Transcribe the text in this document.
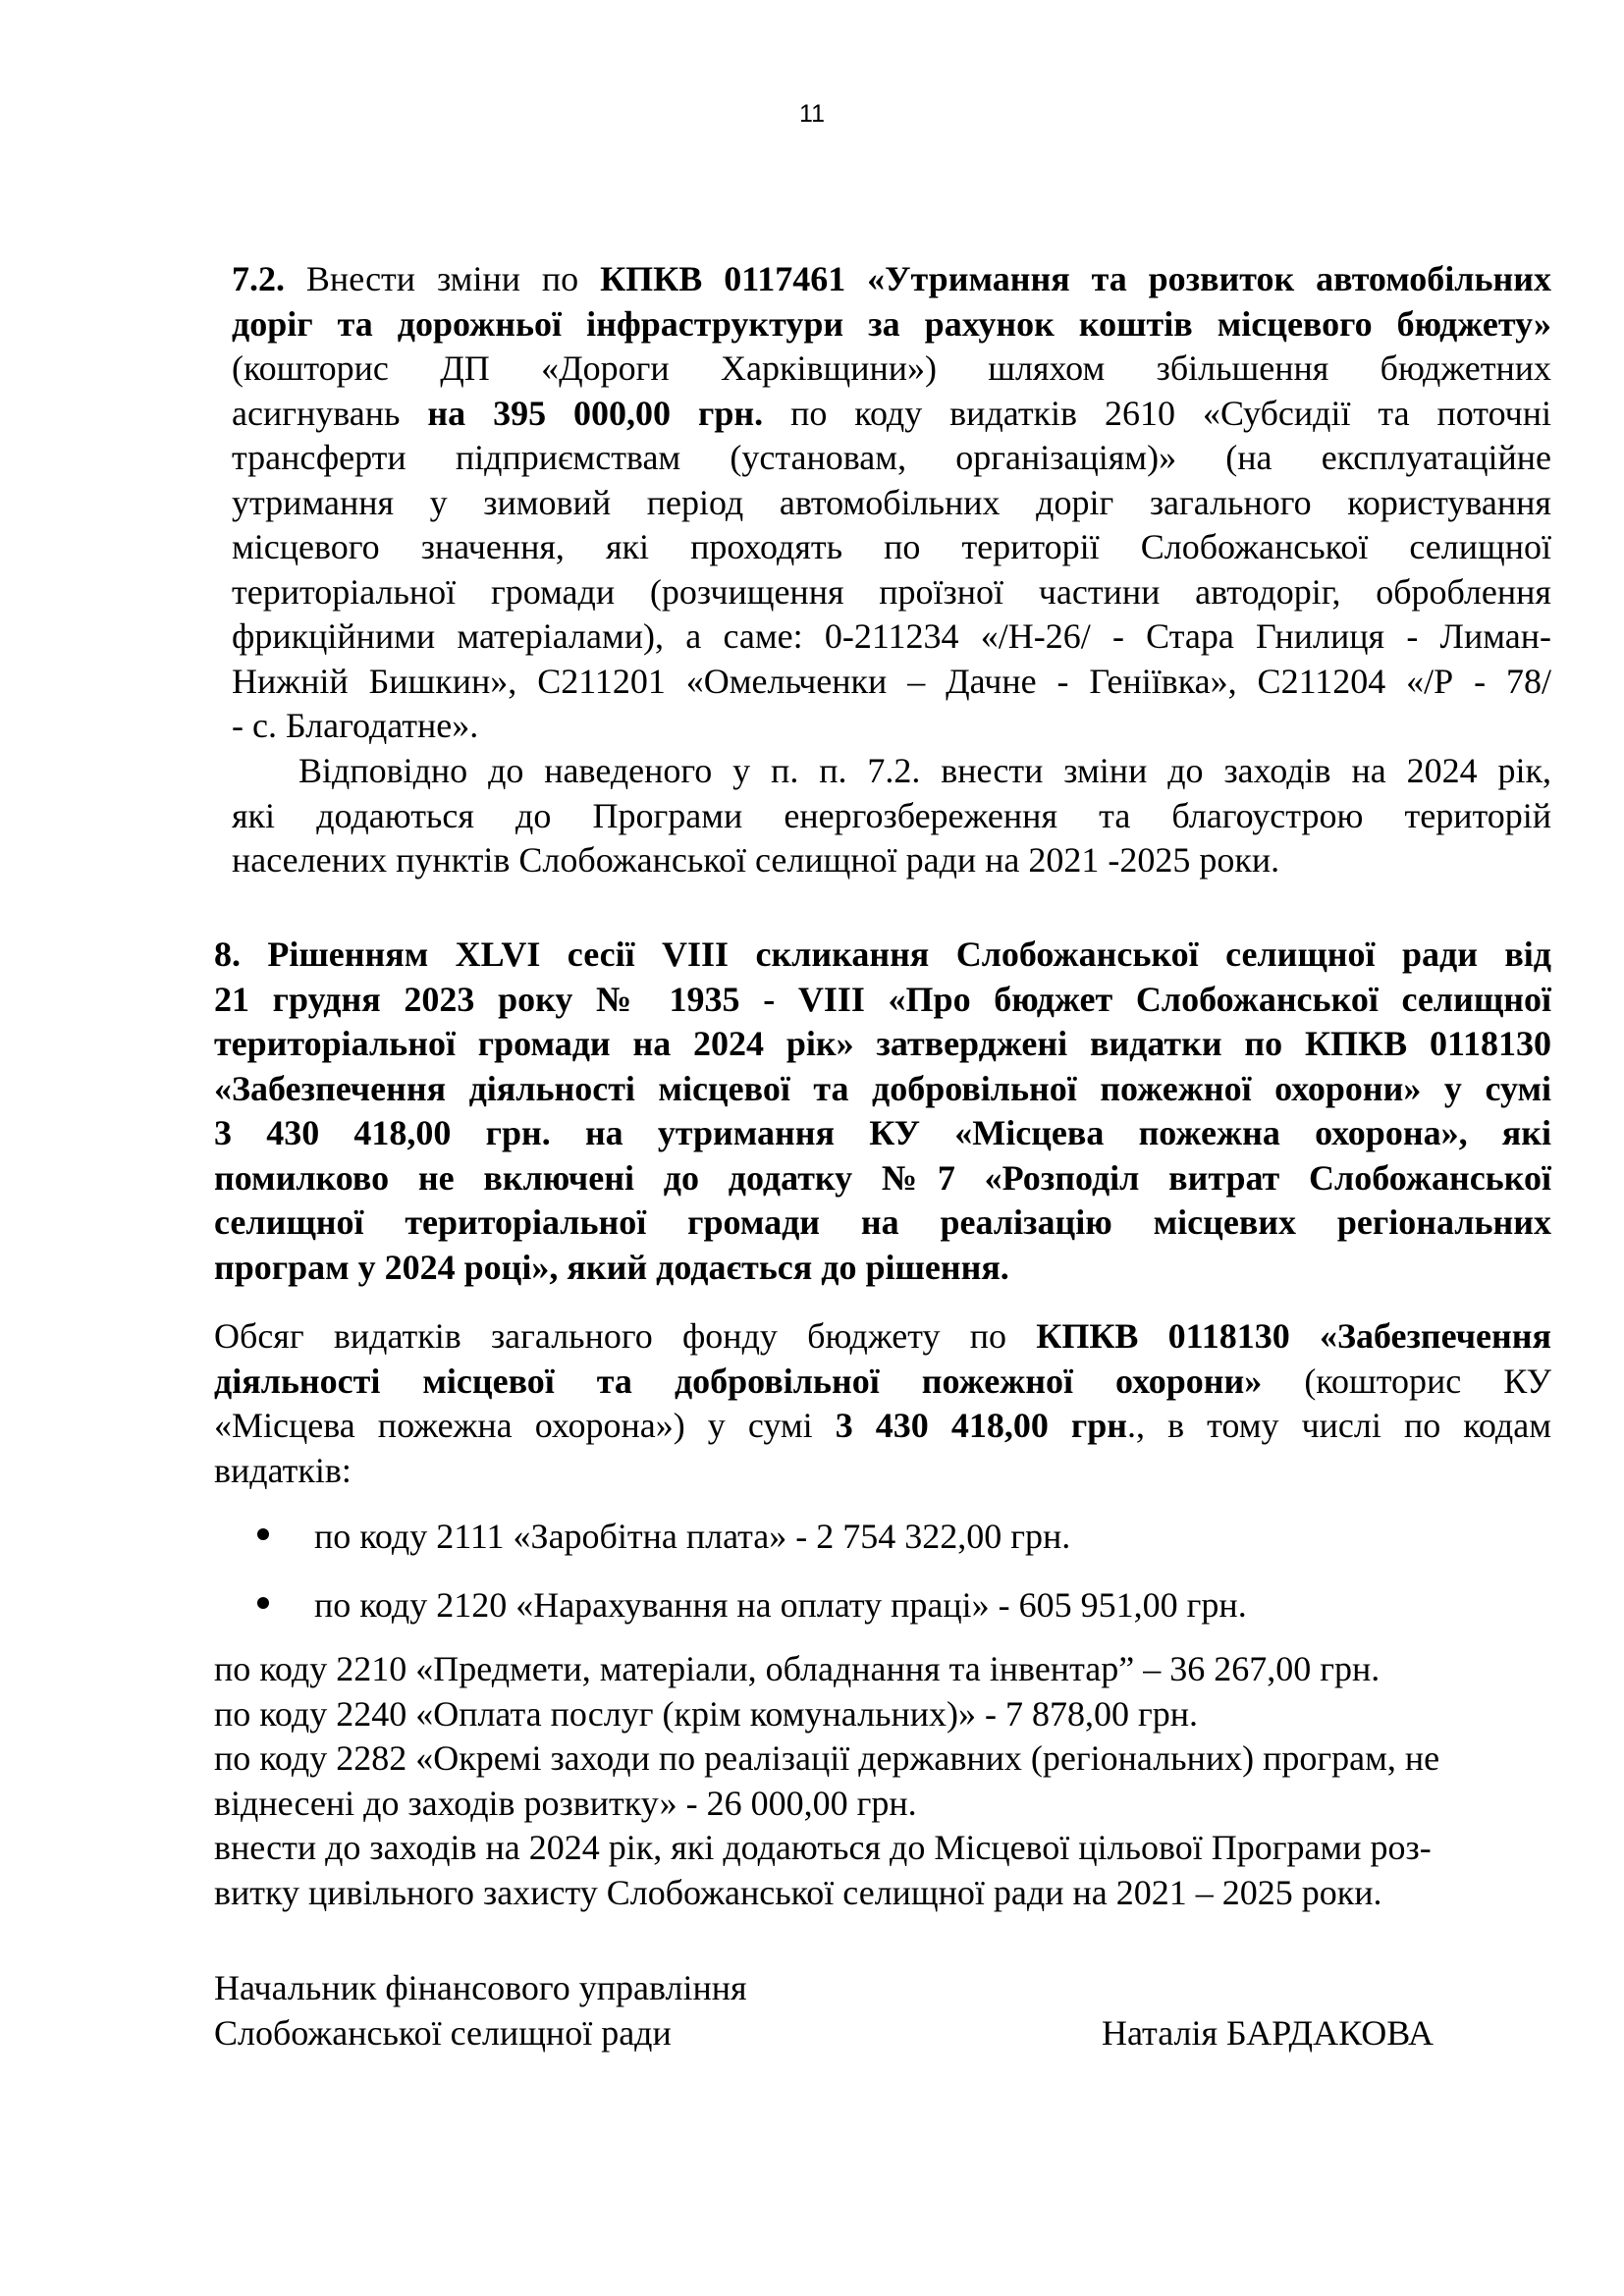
11
7.2. Внести зміни по КПКВ 0117461 «Утримання та розвиток автомобільних
доріг та дорожньої інфраструктури за рахунок коштів місцевого бюджету»
(кошторис ДП «Дороги Харківщини») шляхом збільшення бюджетних
асигнувань на 395 000,00 грн. по коду видатків 2610 «Субсидії та поточні
трансферти підприємствам (установам, організаціям)» (на експлуатаційне
утримання у зимовий період автомобільних доріг загального користування
місцевого значення, які проходять по території Слобожанської селищної
територіальної громади (розчищення проїзної частини автодоріг, оброблення
фрикційними матеріалами), а саме: 0-211234 «/Н-26/ - Стара Гнилиця - Лиман-
Нижній Бишкин», С211201 «Омельченки – Дачне - Геніївка», С211204 «/Р - 78/
- с. Благодатне».
Відповідно до наведеного у п. п. 7.2. внести зміни до заходів на 2024 рік,
які додаються до Програми енергозбереження та благоустрою територій
населених пунктів Слобожанської селищної ради на 2021 -2025 роки.
8. Рішенням XLVI сесії VIII скликання Слобожанської селищної ради від
21 грудня 2023 року № 1935 - VIII «Про бюджет Слобожанської селищної
територіальної громади на 2024 рік» затверджені видатки по КПКВ 0118130
«Забезпечення діяльності місцевої та добровільної пожежної охорони» у сумі
3 430 418,00 грн. на утримання КУ «Місцева пожежна охорона», які
помилково не включені до додатку №7 «Розподіл витрат Слобожанської
селищної територіальної громади на реалізацію місцевих регіональних
програм у 2024 році», який додається до рішення.
Обсяг видатків загального фонду бюджету по КПКВ 0118130 «Забезпечення
діяльності місцевої та добровільної пожежної охорони» (кошторис КУ
«Місцева пожежна охорона») у сумі 3 430 418,00 грн., в тому числі по кодам
видатків:
по коду 2111 «Заробітна плата» - 2 754 322,00 грн.
по коду 2120 «Нарахування на оплату праці» - 605 951,00 грн.
по коду 2210 «Предмети, матеріали, обладнання та інвентар” – 36 267,00 грн.
по коду 2240 «Оплата послуг (крім комунальних)» - 7 878,00 грн.
по коду 2282 «Окремі заходи по реалізації державних (регіональних) програм, не
віднесені до заходів розвитку» - 26 000,00 грн.
внести до заходів на 2024 рік, які додаються до Місцевої цільової Програми роз-
витку цивільного захисту Слобожанської селищної ради на 2021 – 2025 роки.
Начальник фінансового управління
Слобожанської селищної ради	Наталія БАРДАКОВА
